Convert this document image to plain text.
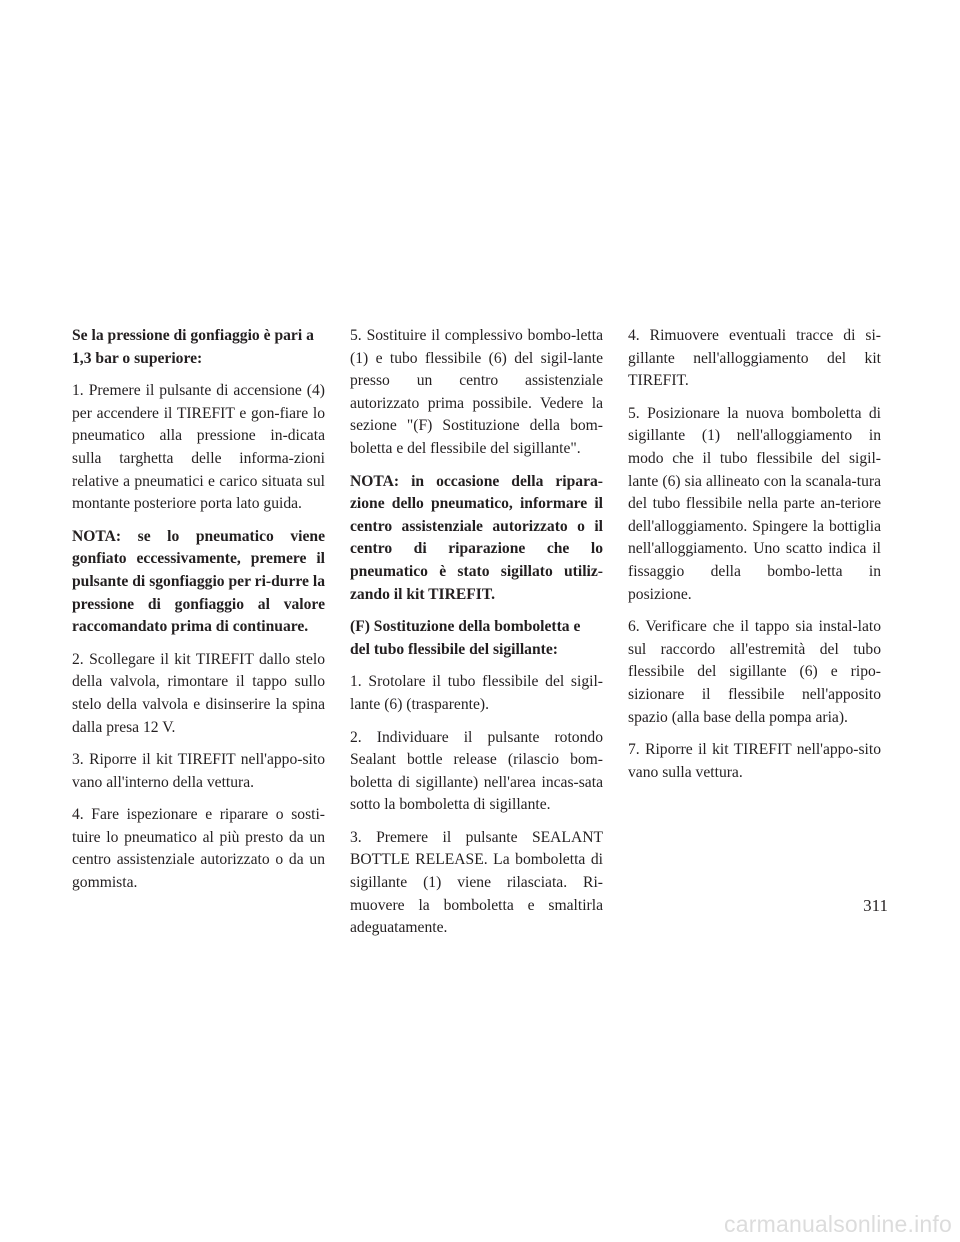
Se la pressione di gonfiaggio è pari a 1,3 bar o superiore:

1. Premere il pulsante di accensione (4) per accendere il TIREFIT e gon-fiare lo pneumatico alla pressione in-dicata sulla targhetta delle informa-zioni relative a pneumatici e carico situata sul montante posteriore porta lato guida.

NOTA: se lo pneumatico viene gonfiato eccessivamente, premere il pulsante di sgonfiaggio per ri-durre la pressione di gonfiaggio al valore raccomandato prima di continuare.

2. Scollegare il kit TIREFIT dallo stelo della valvola, rimontare il tappo sullo stelo della valvola e disinserire la spina dalla presa 12 V.

3. Riporre il kit TIREFIT nell'appo-sito vano all'interno della vettura.

4. Fare ispezionare e riparare o sosti-tuire lo pneumatico al più presto da un centro assistenziale autorizzato o da un gommista.

5. Sostituire il complessivo bombo-letta (1) e tubo flessibile (6) del sigil-lante presso un centro assistenziale autorizzato prima possibile. Vedere la sezione "(F) Sostituzione della bom-boletta e del flessibile del sigillante".

NOTA: in occasione della ripara-zione dello pneumatico, informare il centro assistenziale autorizzato o il centro di riparazione che lo pneumatico è stato sigillato utiliz-zando il kit TIREFIT.

(F) Sostituzione della bomboletta e del tubo flessibile del sigillante:

1. Srotolare il tubo flessibile del sigil-lante (6) (trasparente).

2. Individuare il pulsante rotondo Sealant bottle release (rilascio bom-boletta di sigillante) nell'area incas-sata sotto la bomboletta di sigillante.

3. Premere il pulsante SEALANT BOTTLE RELEASE. La bomboletta di sigillante (1) viene rilasciata. Ri-muovere la bomboletta e smaltirla adeguatamente.

4. Rimuovere eventuali tracce di si-gillante nell'alloggiamento del kit TIREFIT.

5. Posizionare la nuova bomboletta di sigillante (1) nell'alloggiamento in modo che il tubo flessibile del sigil-lante (6) sia allineato con la scanala-tura del tubo flessibile nella parte an-teriore dell'alloggiamento. Spingere la bottiglia nell'alloggiamento. Uno scatto indica il fissaggio della bombo-letta in posizione.

6. Verificare che il tappo sia instal-lato sul raccordo all'estremità del tubo flessibile del sigillante (6) e ripo-sizionare il flessibile nell'apposito spazio (alla base della pompa aria).

7. Riporre il kit TIREFIT nell'appo-sito vano sulla vettura.

311
carmanualsonline.info
